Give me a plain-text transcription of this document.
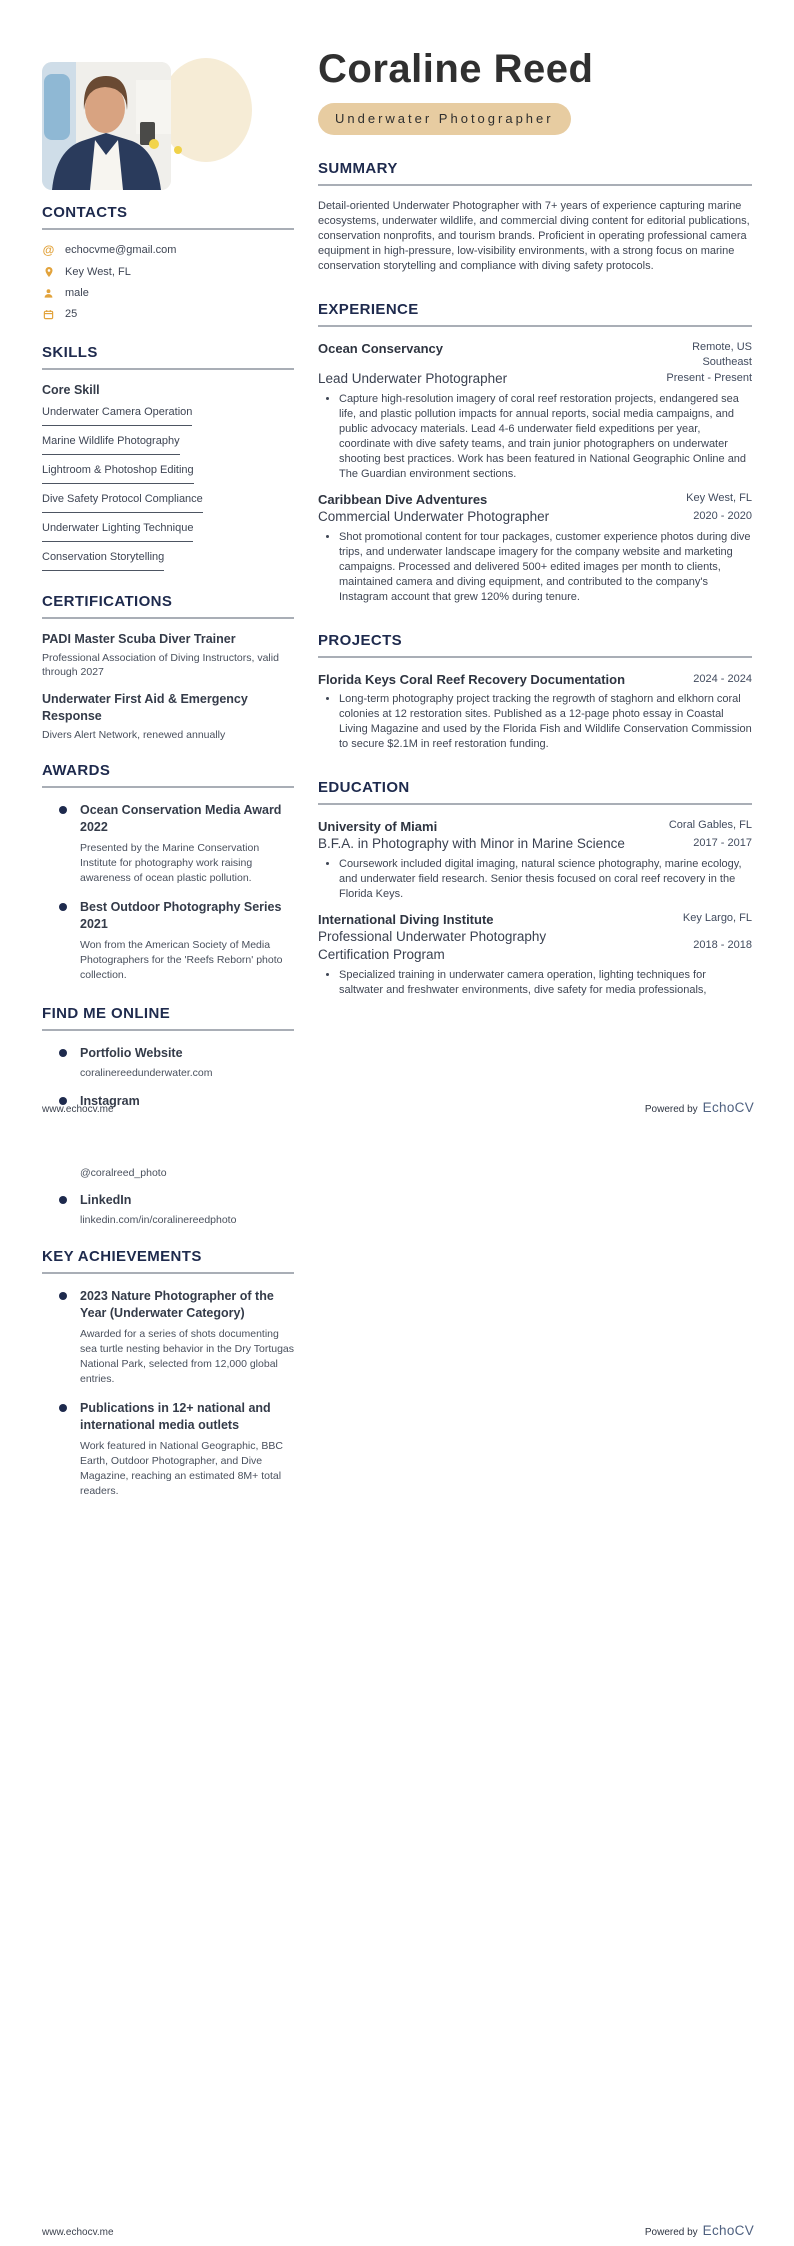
CONTACTS
@ echocvme@gmail.com
Key West, FL
male
25
SKILLS
Core Skill
Underwater Camera Operation
Marine Wildlife Photography
Lightroom & Photoshop Editing
Dive Safety Protocol Compliance
Underwater Lighting Technique
Conservation Storytelling
CERTIFICATIONS
PADI Master Scuba Diver Trainer
Professional Association of Diving Instructors, valid through 2027
Underwater First Aid & Emergency Response
Divers Alert Network, renewed annually
AWARDS
Ocean Conservation Media Award 2022
Presented by the Marine Conservation Institute for photography work raising awareness of ocean plastic pollution.
Best Outdoor Photography Series 2021
Won from the American Society of Media Photographers for the 'Reefs Reborn' photo collection.
FIND ME ONLINE
Portfolio Website
coralinereedunderwater.com
Instagram
Coraline Reed
Underwater Photographer
SUMMARY

Detail-oriented Underwater Photographer with 7+ years of experience capturing marine ecosystems, underwater wildlife, and commercial diving content for editorial publications, conservation nonprofits, and tourism brands. Proficient in operating professional camera equipment in high-pressure, low-visibility environments, with a strong focus on marine conservation storytelling and compliance with diving safety protocols.

EXPERIENCE
Ocean Conservancy	Remote, US Southeast
Lead Underwater Photographer	Present - Present
• Capture high-resolution imagery of coral reef restoration projects, endangered sea life, and plastic pollution impacts for annual reports, social media campaigns, and public advocacy materials. Lead 4-6 underwater field expeditions per year, coordinate with dive safety teams, and train junior photographers on underwater shooting best practices. Work has been featured in National Geographic Online and The Guardian environment sections.
Caribbean Dive Adventures	Key West, FL
Commercial Underwater Photographer	2020 - 2020
• Shot promotional content for tour packages, customer experience photos during dive trips, and underwater landscape imagery for the company website and marketing campaigns. Processed and delivered 500+ edited images per month to clients, maintained camera and diving equipment, and contributed to the company's Instagram account that grew 120% during tenure.
PROJECTS
Florida Keys Coral Reef Recovery Documentation	2024 - 2024
• Long-term photography project tracking the regrowth of staghorn and elkhorn coral colonies at 12 restoration sites. Published as a 12-page photo essay in Coastal Living Magazine and used by the Florida Fish and Wildlife Conservation Commission to secure $2.1M in reef restoration funding.
EDUCATION
University of Miami	Coral Gables, FL
B.F.A. in Photography with Minor in Marine Science	2017 - 2017
• Coursework included digital imaging, natural science photography, marine ecology, and underwater field research. Senior thesis focused on coral reef recovery in the Florida Keys.
International Diving Institute	Key Largo, FL
Professional Underwater Photography Certification Program
2018 - 2018
• Specialized training in underwater camera operation, lighting techniques for saltwater and freshwater environments, dive safety for media professionals,
www.echocv.me	Powered by EchoCV
@coralreed_photo
LinkedIn
linkedin.com/in/coralinereedphoto
KEY ACHIEVEMENTS
2023 Nature Photographer of the Year (Underwater Category)
Awarded for a series of shots documenting sea turtle nesting behavior in the Dry Tortugas National Park, selected from 12,000 global entries.
Publications in 12+ national and international media outlets
Work featured in National Geographic, BBC Earth, Outdoor Photographer, and Dive Magazine, reaching an estimated 8M+ total readers.
www.echocv.me	Powered by EchoCV
